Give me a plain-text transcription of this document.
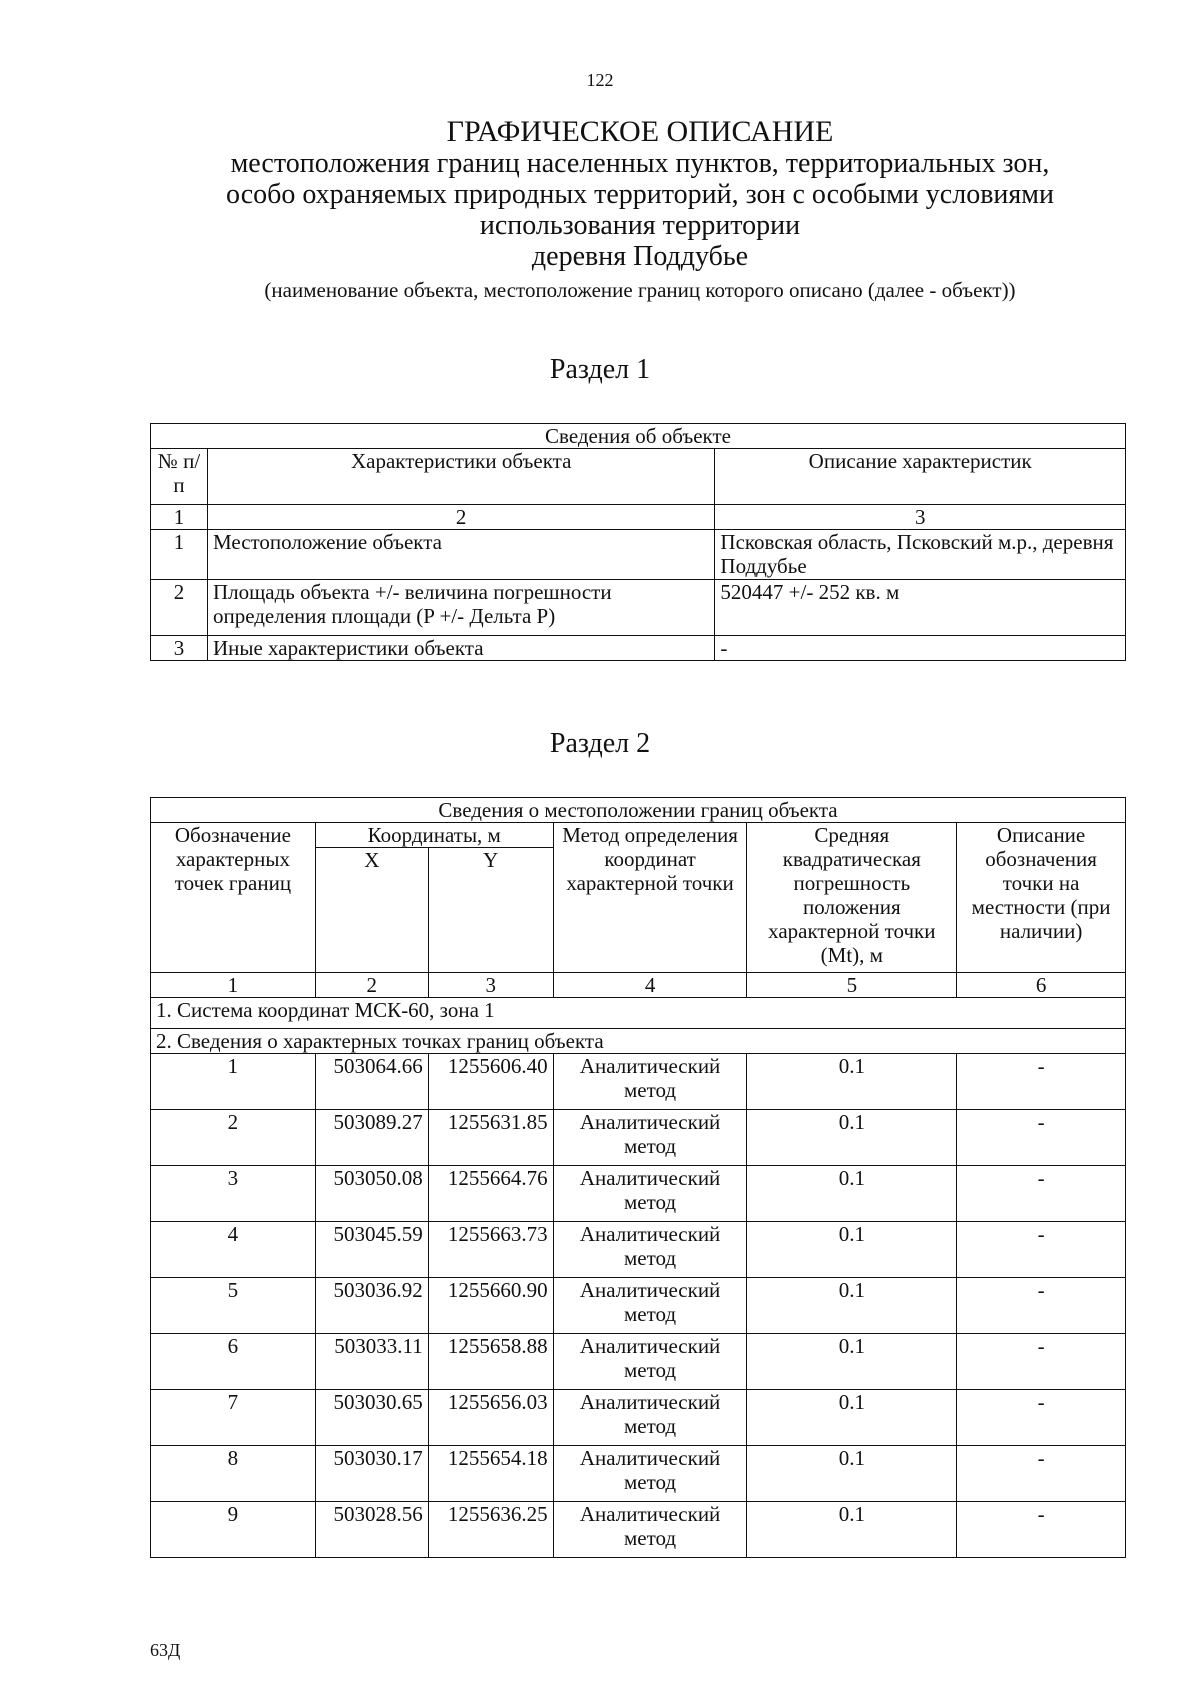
122
ГРАФИЧЕСКОЕ ОПИСАНИЕ
местоположения границ населенных пунктов, территориальных зон,
особо охраняемых природных территорий, зон с особыми условиями
использования территории
деревня Поддубье
(наименование объекта, местоположение границ которого описано (далее - объект))
Раздел 1
Сведения об объекте		
№ п/п	Характеристики объекта	Описание характеристик
1	2	3
1	Местоположение объекта	Псковская область, Псковский м.р., деревня Поддубье
2	Площадь объекта +/- величина погрешности определения площади (P +/- Дельта P)	520447 +/- 252 кв. м
3	Иные характеристики объекта	-
Раздел 2
Сведения о местоположении границ объекта					
Обозначение характерных точек границ	Координаты, м		Метод определения координат характерной точки	Средняя квадратическая погрешность положения характерной точки (Mt), м	Описание обозначения точки на местности (при наличии)
	X	Y			
1	2	3	4	5	6
1. Система координат МСК-60, зона 1					
2. Сведения о характерных точках границ объекта					
1	503064.66	1255606.40	Аналитический метод	0.1	-
2	503089.27	1255631.85	Аналитический метод	0.1	-
3	503050.08	1255664.76	Аналитический метод	0.1	-
4	503045.59	1255663.73	Аналитический метод	0.1	-
5	503036.92	1255660.90	Аналитический метод	0.1	-
6	503033.11	1255658.88	Аналитический метод	0.1	-
7	503030.65	1255656.03	Аналитический метод	0.1	-
8	503030.17	1255654.18	Аналитический метод	0.1	-
9	503028.56	1255636.25	Аналитический метод	0.1	-
63Д
